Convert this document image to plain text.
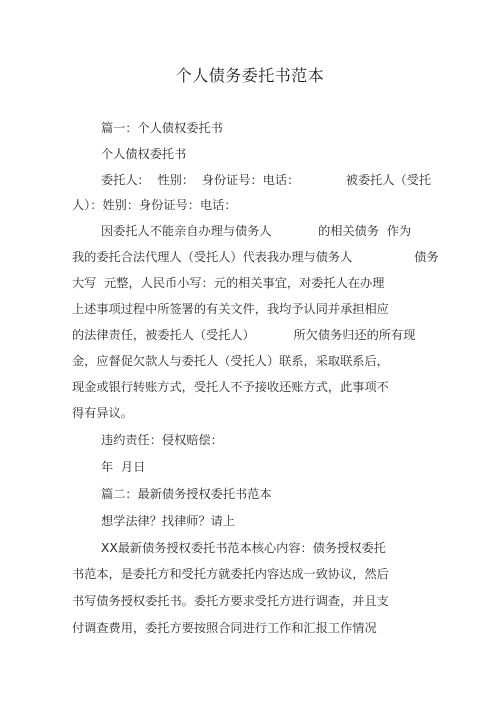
个人债务委托书范本
篇一：个人债权委托书
个人债权委托书
委托人：  性别：  身份证号：电话：            被委托人（受托
人）：姓别：身份证号：电话：
因委托人不能亲自办理与债务人            的相关债务  作为
我的委托合法代理人（受托人）代表我办理与债务人                债务
大写  元整，人民币小写：元的相关事宜，对委托人在办理
上述事项过程中所签署的有关文件，我均予认同并承担相应
的法律责任，被委托人（受托人）          所欠债务归还的所有现
金，应督促欠款人与委托人（受托人）联系，采取联系后，
现金或银行转账方式，受托人不予接收还账方式，此事项不
得有异议。
违约责任：侵权赔偿：
年  月日
篇二：最新债务授权委托书范本
想学法律？找律师？请上
XX最新债务授权委托书范本核心内容：债务授权委托
书范本，是委托方和受托方就委托内容达成一致协议，然后
书写债务授权委托书。委托方要求受托方进行调查，并且支
付调查费用，委托方要按照合同进行工作和汇报工作情况
